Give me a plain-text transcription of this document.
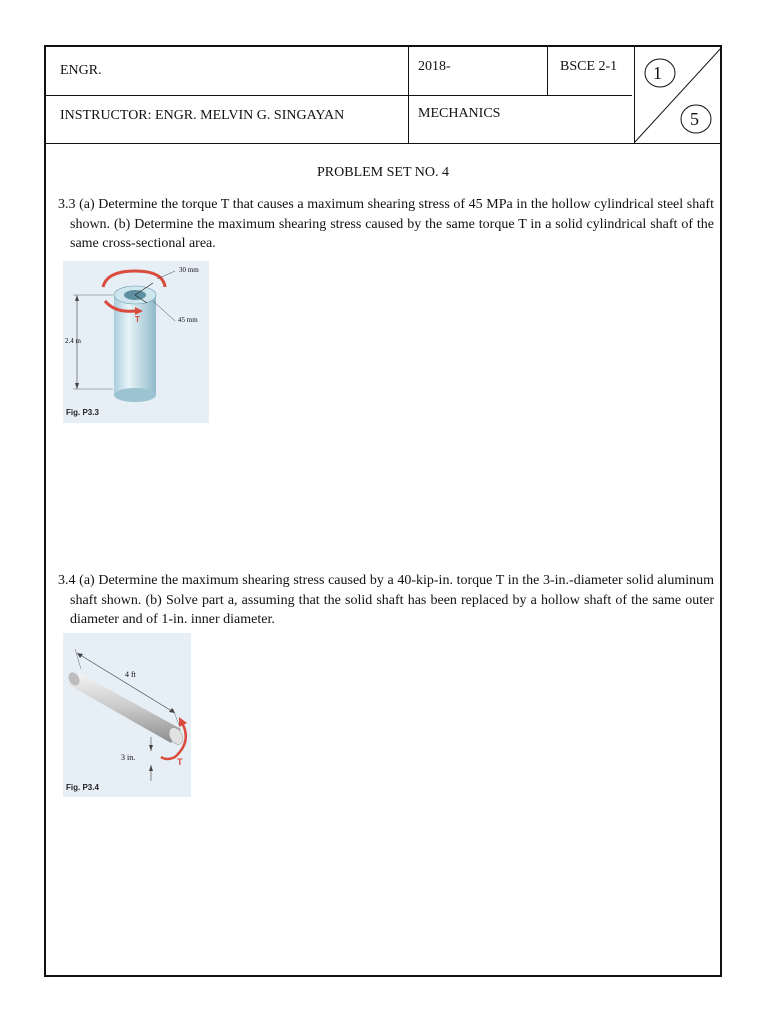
ENGR.	2018-	BSCE 2-1
INSTRUCTOR: ENGR. MELVIN G. SINGAYAN	MECHANICS
1
5
PROBLEM SET NO. 4
3.3 (a) Determine the torque T that causes a maximum shearing stress of 45 MPa in the hollow cylindrical steel shaft shown. (b) Determine the maximum shearing stress caused by the same torque T in a solid cylindrical shaft of the same cross-sectional area.
30 mm
45 mm
2.4 m
T
Fig. P3.3
3.4 (a) Determine the maximum shearing stress caused by a 40-kip-in. torque T in the 3-in.-diameter solid aluminum shaft shown. (b) Solve part a, assuming that the solid shaft has been replaced by a hollow shaft of the same outer diameter and of 1-in. inner diameter.
4 ft
3 in.	T
Fig. P3.4
